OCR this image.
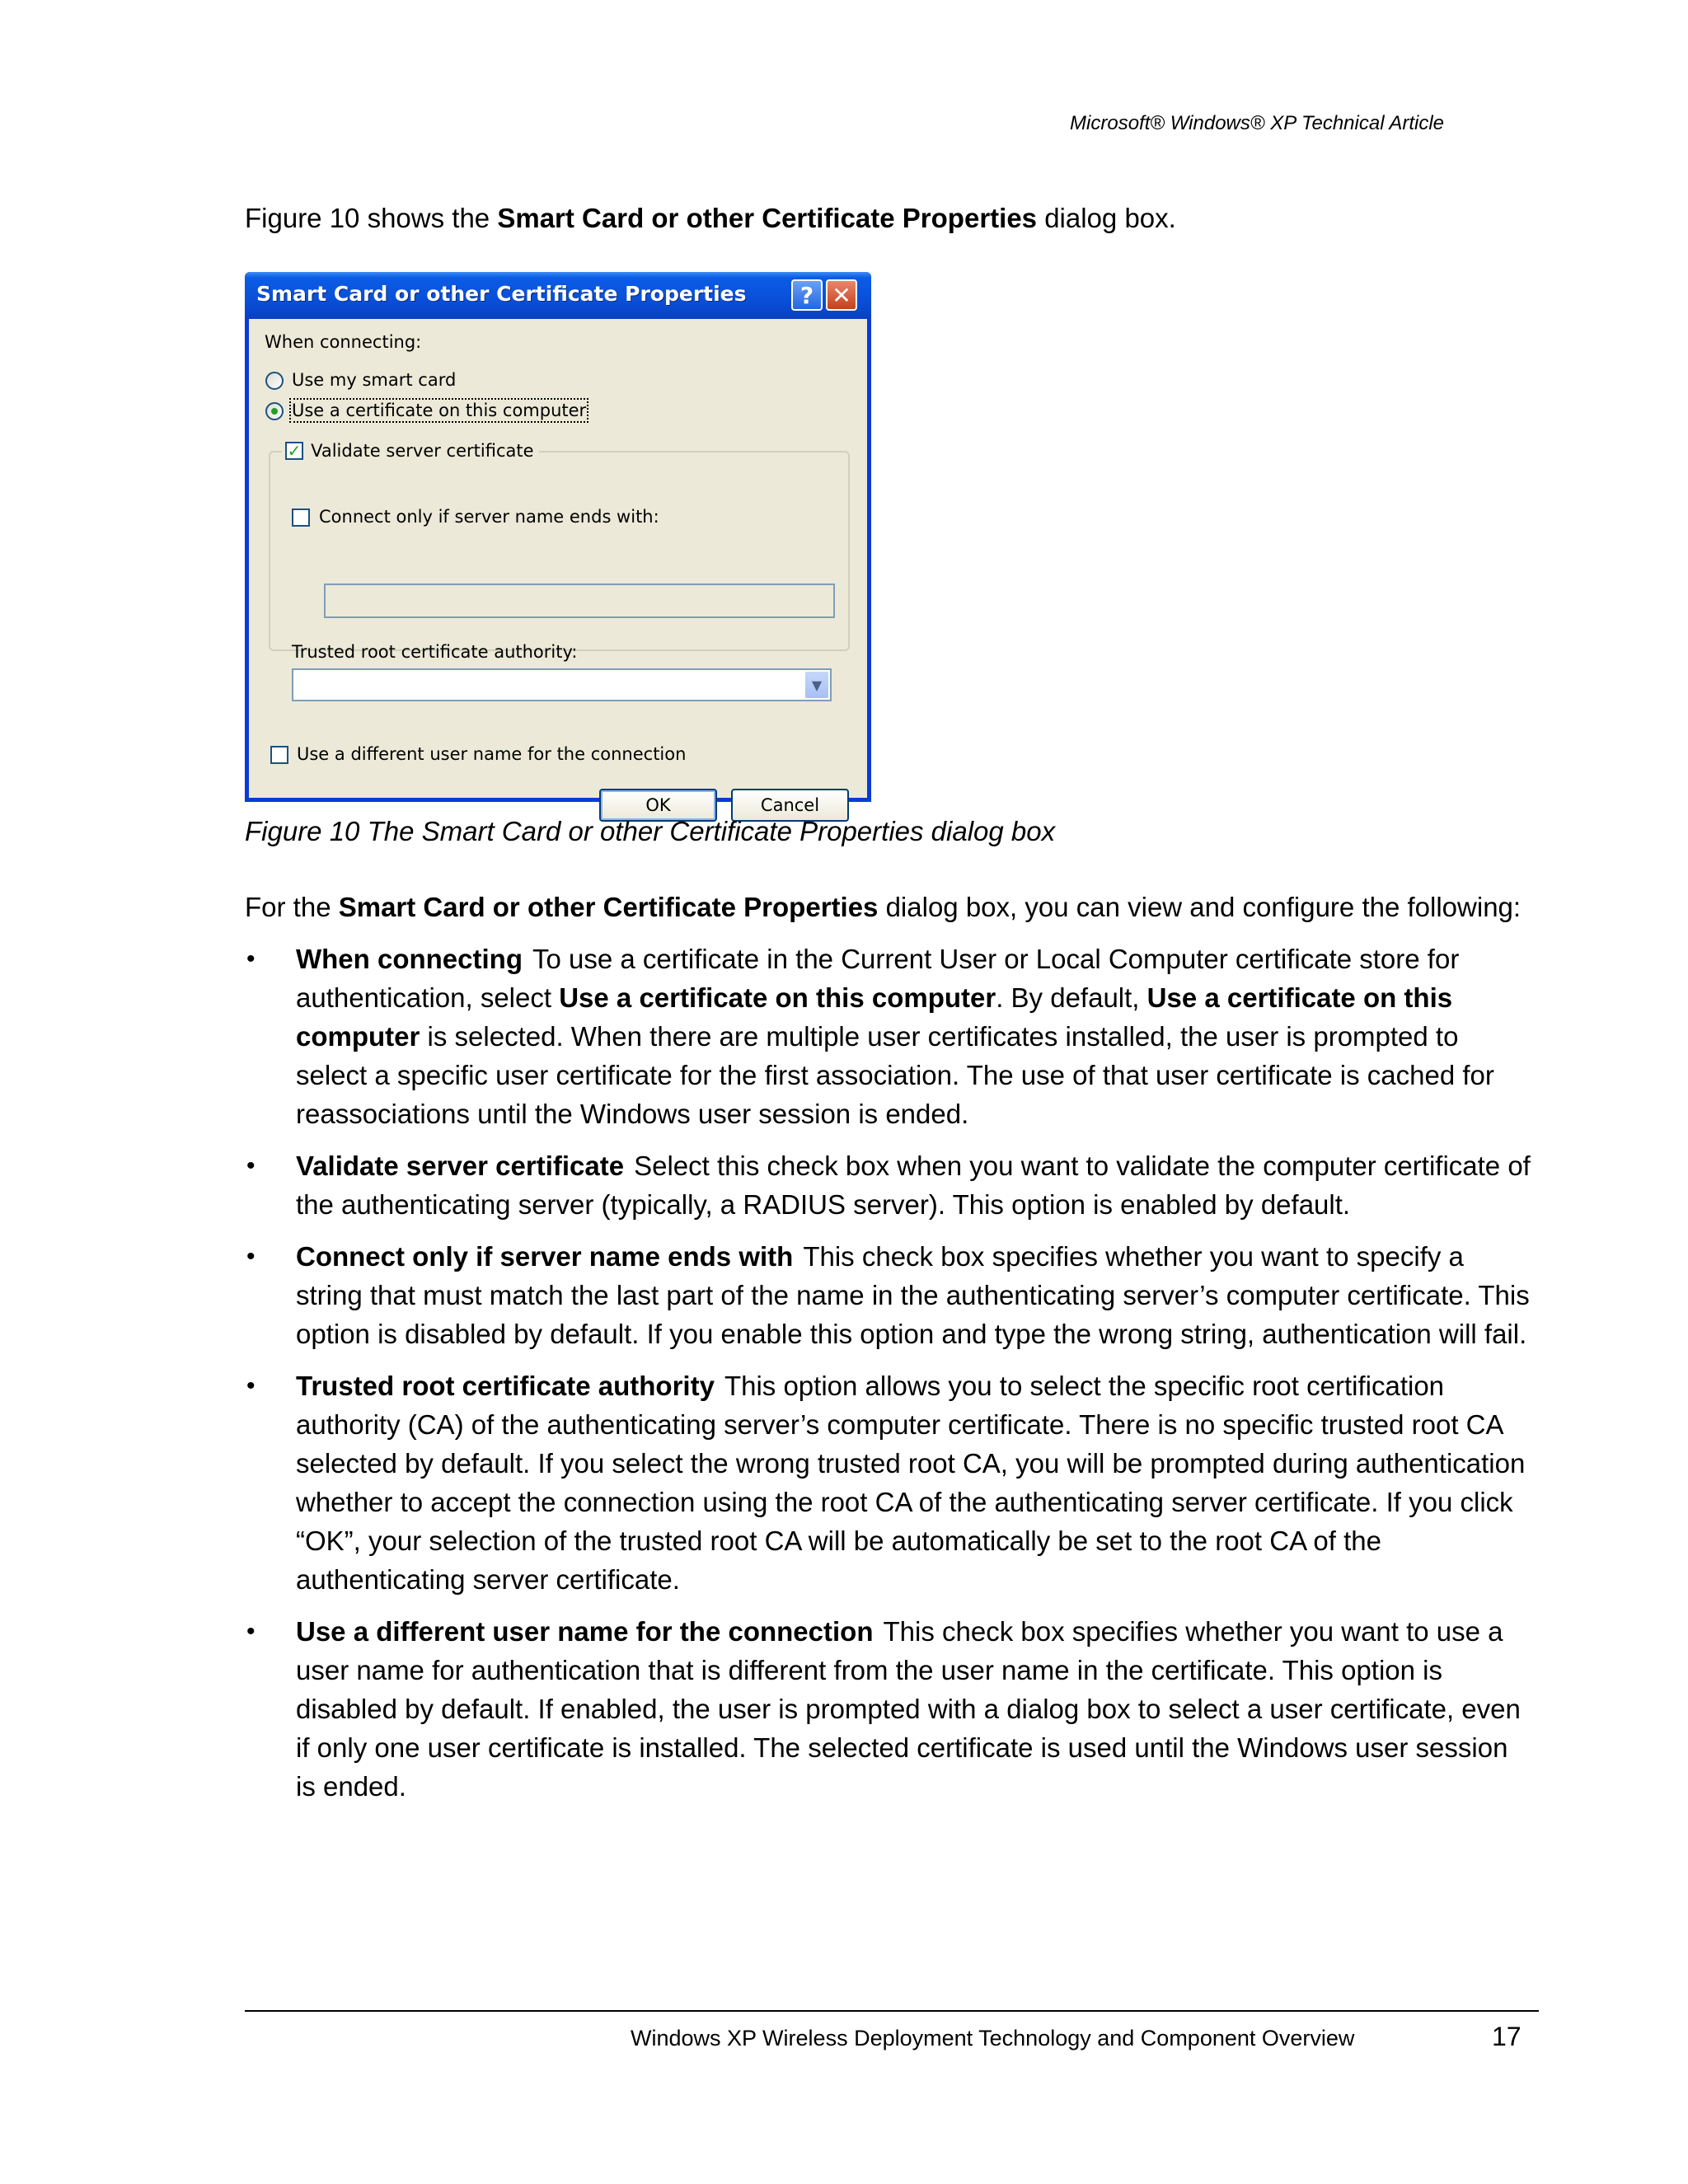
Microsoft® Windows® XP Technical Article
Figure 10 shows the Smart Card or other Certificate Properties dialog box.
Smart Card or other Certificate Properties ? ✕
When connecting:
Use my smart card
Use a certificate on this computer
✓ Validate server certificate
Connect only if server name ends with:
Trusted root certificate authority:
▼
Use a different user name for the connection
OK	Cancel
Figure 10 The Smart Card or other Certificate Properties dialog box
For the Smart Card or other Certificate Properties dialog box, you can view and configure the following:
•	When connecting To use a certificate in the Current User or Local Computer certificate store for authentication, select Use a certificate on this computer. By default, Use a certificate on this computer is selected. When there are multiple user certificates installed, the user is prompted to select a specific user certificate for the first association. The use of that user certificate is cached for reassociations until the Windows user session is ended.
•	Validate server certificate Select this check box when you want to validate the computer certificate of the authenticating server (typically, a RADIUS server). This option is enabled by default.
•	Connect only if server name ends with This check box specifies whether you want to specify a string that must match the last part of the name in the authenticating server’s computer certificate. This option is disabled by default. If you enable this option and type the wrong string, authentication will fail.
•	Trusted root certificate authority This option allows you to select the specific root certification authority (CA) of the authenticating server’s computer certificate. There is no specific trusted root CA selected by default. If you select the wrong trusted root CA, you will be prompted during authentication whether to accept the connection using the root CA of the authenticating server certificate. If you click “OK”, your selection of the trusted root CA will be automatically be set to the root CA of the authenticating server certificate.
•	Use a different user name for the connection This check box specifies whether you want to use a user name for authentication that is different from the user name in the certificate. This option is disabled by default. If enabled, the user is prompted with a dialog box to select a user certificate, even if only one user certificate is installed. The selected certificate is used until the Windows user session is ended.
Windows XP Wireless Deployment Technology and Component Overview	17
